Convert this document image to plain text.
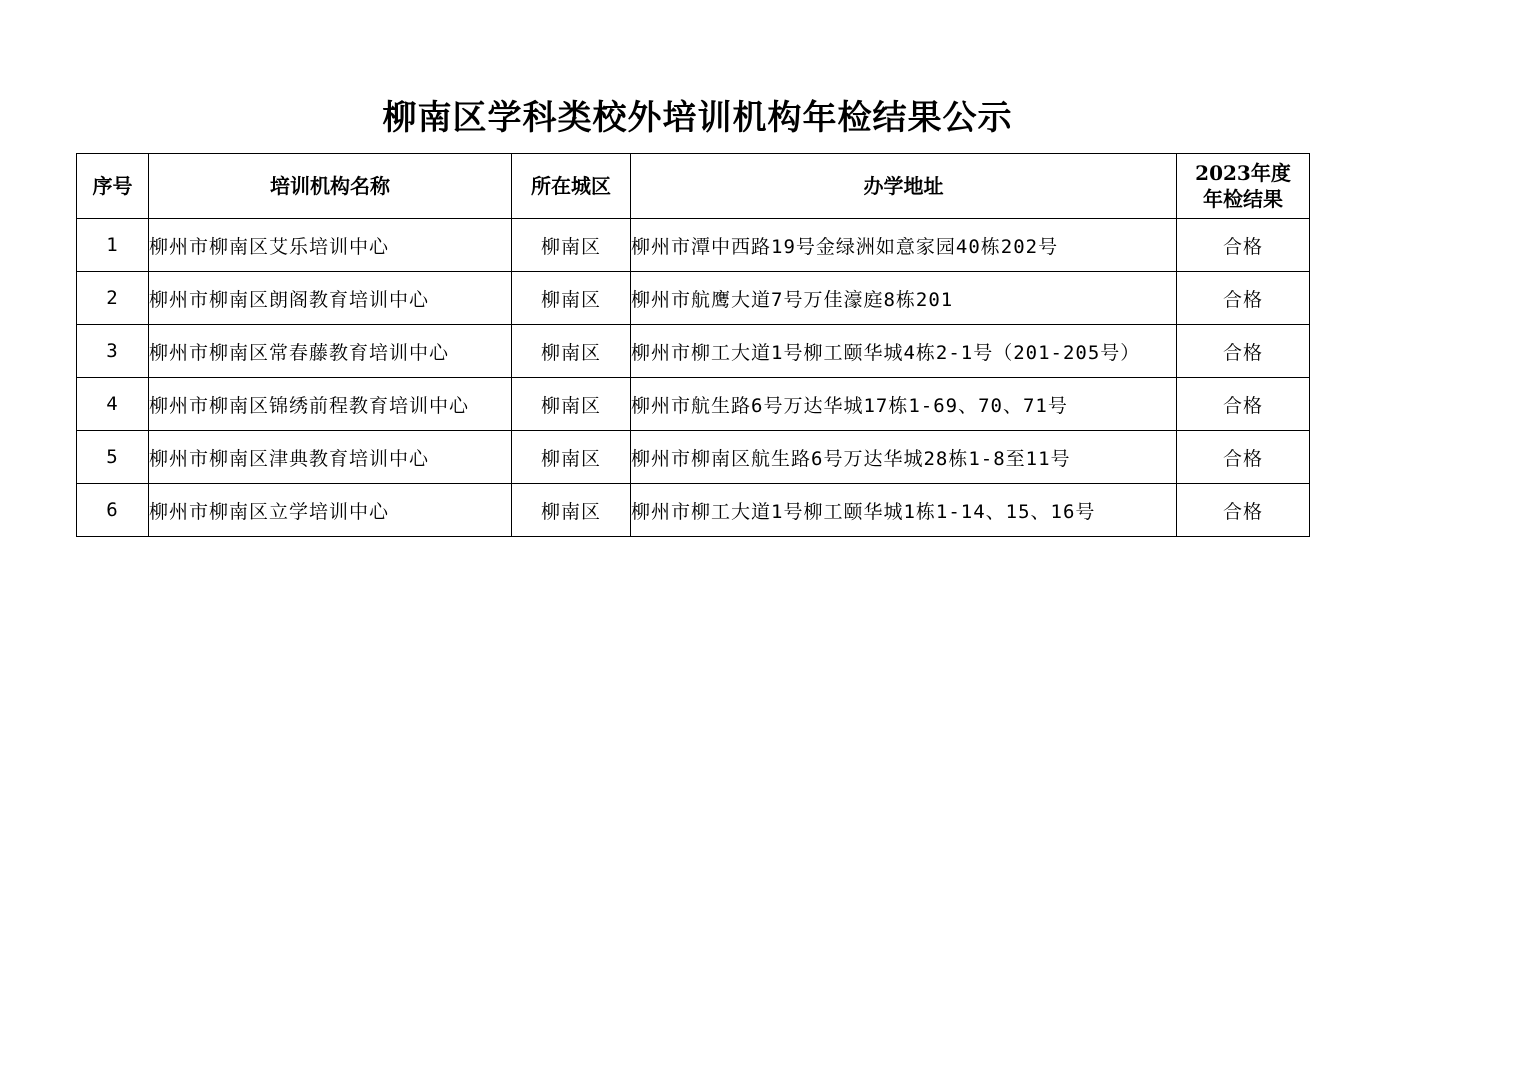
柳南区学科类校外培训机构年检结果公示
序号	培训机构名称	所在城区	办学地址	2023年度
年检结果

1	柳州市柳南区艾乐培训中心	柳南区	柳州市潭中西路19号金绿洲如意家园40栋202号	合格
2	柳州市柳南区朗阁教育培训中心	柳南区	柳州市航鹰大道7号万佳濠庭8栋201	合格
3	柳州市柳南区常春藤教育培训中心	柳南区	柳州市柳工大道1号柳工颐华城4栋2-1号（201-205号）	合格
4	柳州市柳南区锦绣前程教育培训中心	柳南区	柳州市航生路6号万达华城17栋1-69、70、71号	合格
5	柳州市柳南区津典教育培训中心	柳南区	柳州市柳南区航生路6号万达华城28栋1-8至11号	合格
6	柳州市柳南区立学培训中心	柳南区	柳州市柳工大道1号柳工颐华城1栋1-14、15、16号	合格
